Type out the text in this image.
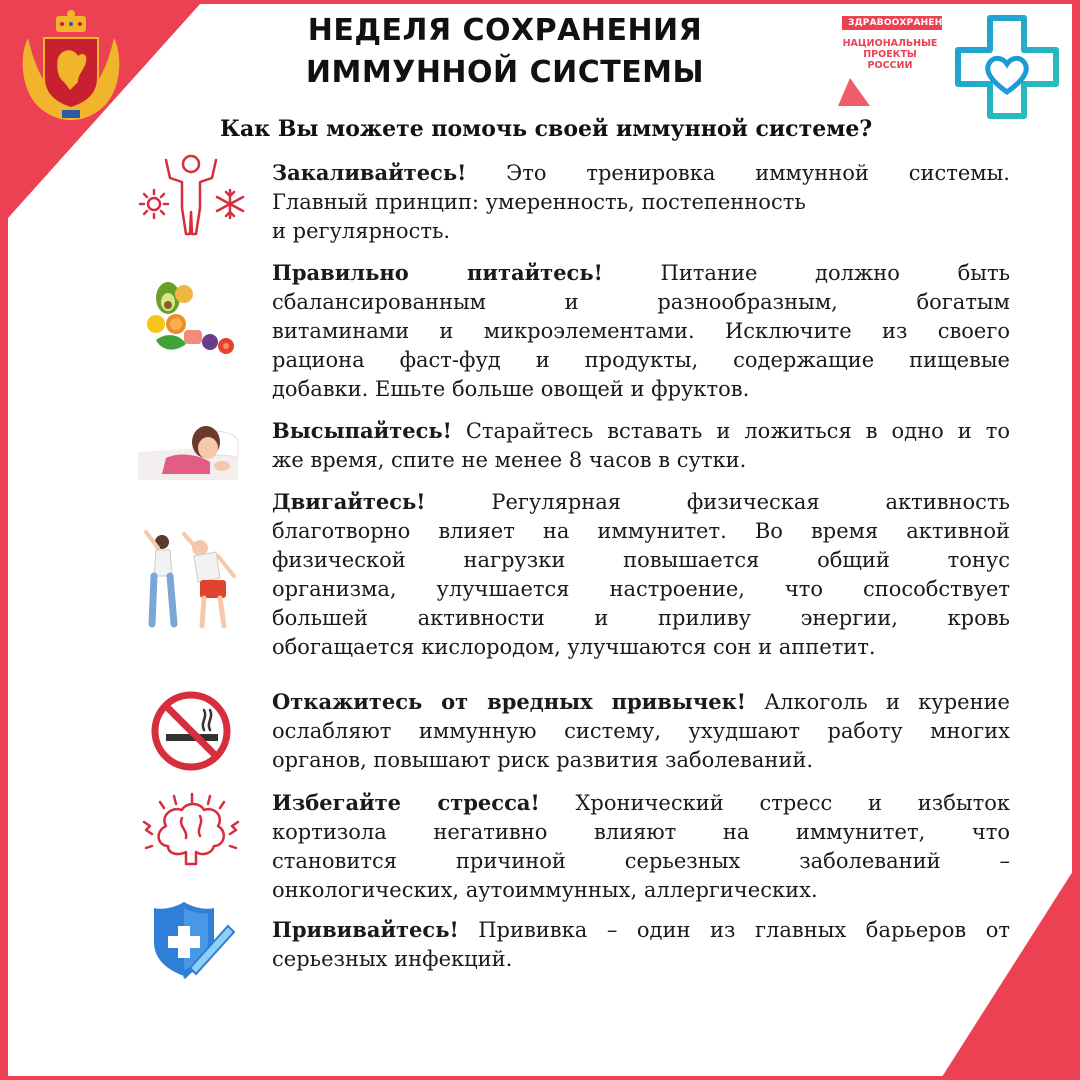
НЕДЕЛЯ СОХРАНЕНИЯ
ИММУННОЙ СИСТЕМЫ
ЗДРАВООХРАНЕНИЕ
НАЦИОНАЛЬНЫЕ
ПРОЕКТЫ
РОССИИ
Как Вы можете помочь своей иммунной системе?
Закаливайтесь! Это тренировка иммунной системы.
Главный принцип: умеренность, постепенность
и регулярность.
Правильно питайтесь!	Питание должно быть
сбалансированным и разнообразным, богатым
витаминами и микроэлементами. Исключите из своего
рациона фаст-фуд и продукты, содержащие пищевые
добавки. Ешьте больше овощей и фруктов.
Высыпайтесь! Старайтесь вставать и ложиться в одно и то
же время, спите не менее 8 часов в сутки.
Двигайтесь!	Регулярная физическая активность
благотворно влияет на иммунитет. Во время активной
физической нагрузки повышается общий тонус
организма, улучшается настроение, что способствует
большей активности и приливу энергии, кровь
обогащается кислородом, улучшаются сон и аппетит.
Откажитесь от вредных привычек! Алкоголь и курение
ослабляют иммунную систему, ухудшают работу многих
органов, повышают риск развития заболеваний.
Избегайте стресса! Хронический стресс и избыток
кортизола негативно влияют на иммунитет, что
становится причиной серьезных заболеваний –
онкологических, аутоиммунных, аллергических.
Прививайтесь! Прививка – один из главных барьеров от
серьезных инфекций.
